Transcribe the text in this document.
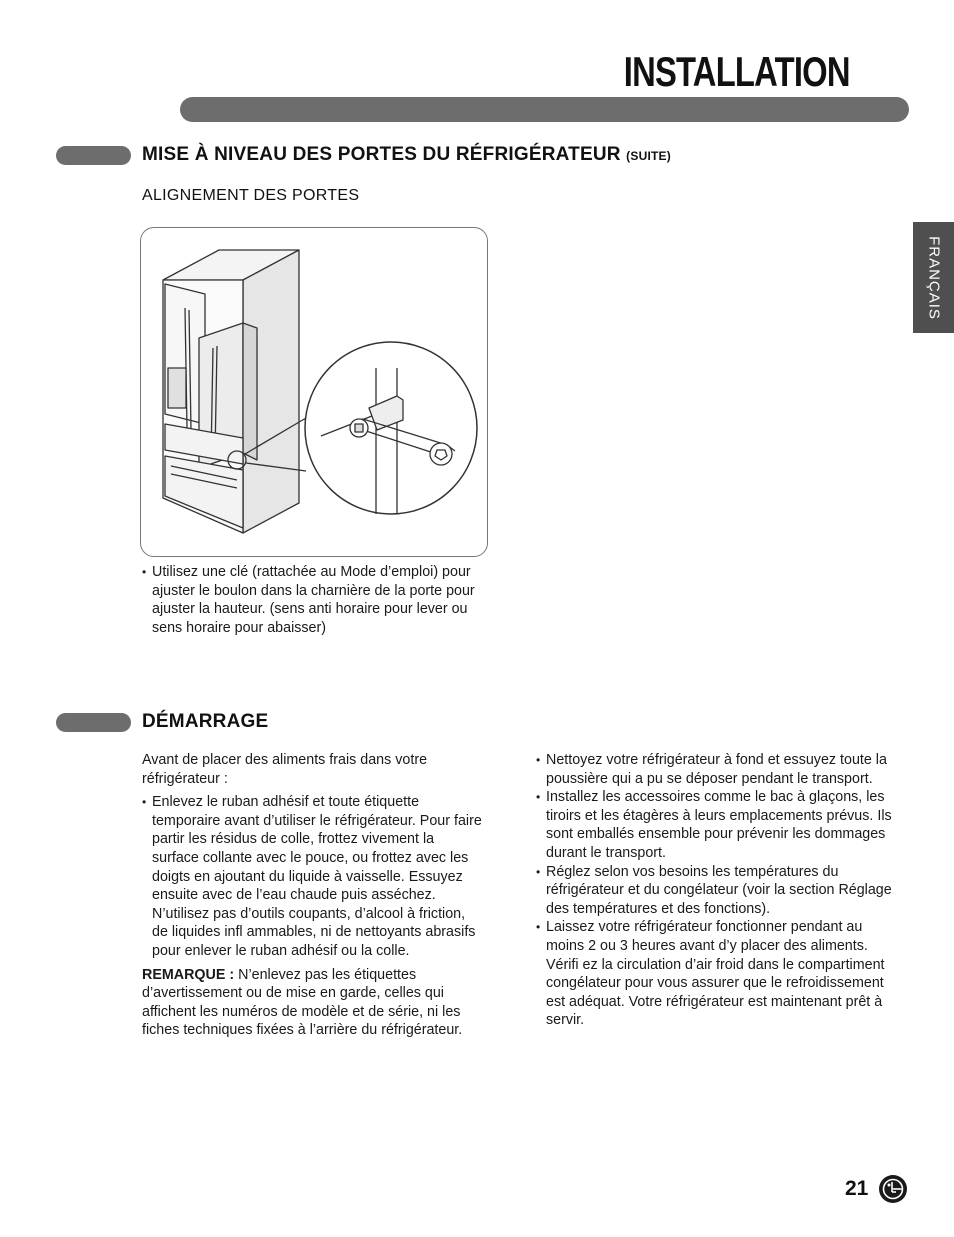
INSTALLATION
FRANÇAIS
MISE À NIVEAU DES PORTES DU RÉFRIGÉRATEUR (SUITE)
ALIGNEMENT DES PORTES

• Utilisez une clé (rattachée au Mode d’emploi) pour ajuster le boulon dans la charnière de la porte pour ajuster la hauteur. (sens anti horaire pour lever ou sens horaire pour abaisser)

DÉMARRAGE

Avant de placer des aliments frais dans votre réfrigérateur :

• Enlevez le ruban adhésif et toute étiquette temporaire avant d’utiliser le réfrigérateur. Pour faire partir les résidus de colle, frottez vivement la surface collante avec le pouce, ou frottez avec les doigts en ajoutant du liquide à vaisselle. Essuyez ensuite avec de l’eau chaude puis asséchez. N’utilisez pas d’outils coupants, d’alcool à friction, de liquides infl ammables, ni de nettoyants abrasifs pour enlever le ruban adhésif ou la colle.

REMARQUE : N’enlevez pas les étiquettes d’avertissement ou de mise en garde, celles qui affichent les numéros de modèle et de série, ni les fiches techniques fixées à l’arrière du réfrigérateur.

• Nettoyez votre réfrigérateur à fond et essuyez toute la poussière qui a pu se déposer pendant le transport.

• Installez les accessoires comme le bac à glaçons, les tiroirs et les étagères à leurs emplacements prévus. Ils sont emballés ensemble pour prévenir les dommages durant le transport.

• Réglez selon vos besoins les températures du réfrigérateur et du congélateur (voir la section Réglage des températures et des fonctions).

• Laissez votre réfrigérateur fonctionner pendant au moins 2 ou 3 heures avant d’y placer des aliments. Vérifi ez la circulation d’air froid dans le compartiment congélateur pour vous assurer que le refroidissement est adéquat. Votre réfrigérateur est maintenant prêt à servir.

21
